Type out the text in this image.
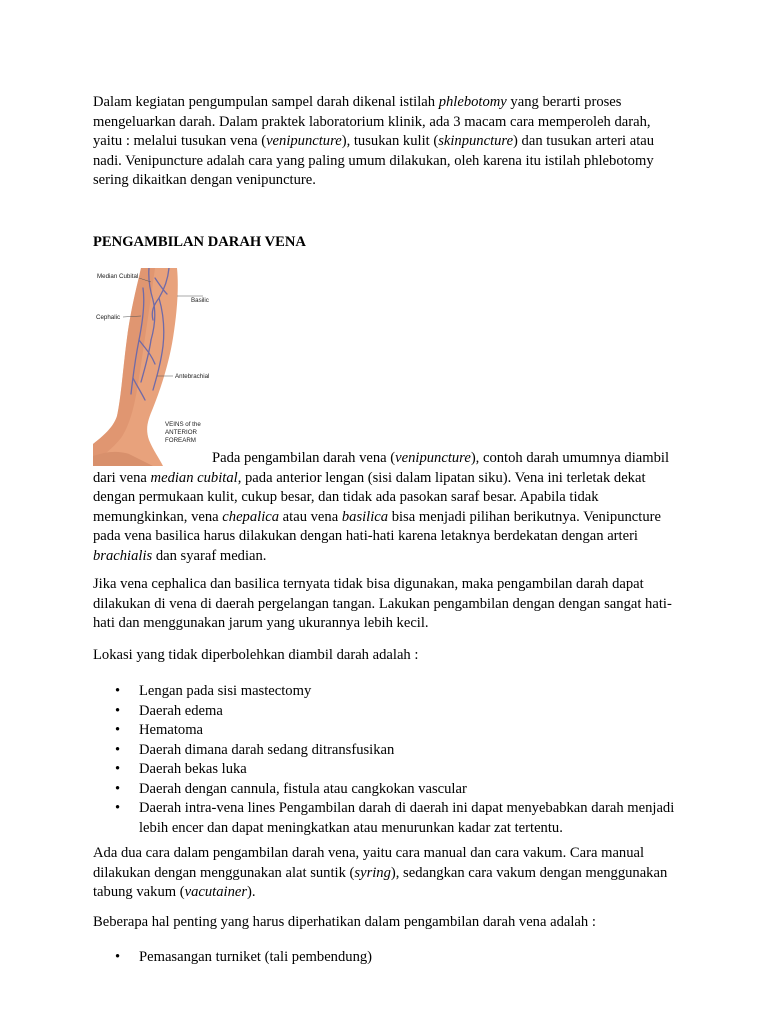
Dalam kegiatan pengumpulan sampel darah dikenal istilah phlebotomy yang berarti proses mengeluarkan darah. Dalam praktek laboratorium klinik, ada 3 macam cara memperoleh darah, yaitu : melalui tusukan vena (venipuncture), tusukan kulit (skinpuncture) dan tusukan arteri atau nadi. Venipuncture adalah cara yang paling umum dilakukan, oleh karena itu istilah phlebotomy sering dikaitkan dengan venipuncture.

PENGAMBILAN DARAH VENA
Median Cubital
Basilic
Cephalic
Antebrachial
VEINS of the
ANTERIOR
FOREARM

Pada pengambilan darah vena (venipuncture), contoh darah umumnya diambil dari vena median cubital, pada anterior lengan (sisi dalam lipatan siku). Vena ini terletak dekat dengan permukaan kulit, cukup besar, dan tidak ada pasokan saraf besar. Apabila tidak memungkinkan, vena chepalica atau vena basilica bisa menjadi pilihan berikutnya. Venipuncture pada vena basilica harus dilakukan dengan hati-hati karena letaknya berdekatan dengan arteri brachialis dan syaraf median.

Jika vena cephalica dan basilica ternyata tidak bisa digunakan, maka pengambilan darah dapat dilakukan di vena di daerah pergelangan tangan. Lakukan pengambilan dengan dengan sangat hati-hati dan menggunakan jarum yang ukurannya lebih kecil.

Lokasi yang tidak diperbolehkan diambil darah adalah :

• Lengan pada sisi mastectomy
• Daerah edema
• Hematoma
• Daerah dimana darah sedang ditransfusikan
• Daerah bekas luka
• Daerah dengan cannula, fistula atau cangkokan vascular
• Daerah intra-vena lines Pengambilan darah di daerah ini dapat menyebabkan darah menjadi lebih encer dan dapat meningkatkan atau menurunkan kadar zat tertentu.

Ada dua cara dalam pengambilan darah vena, yaitu cara manual dan cara vakum. Cara manual dilakukan dengan menggunakan alat suntik (syring), sedangkan cara vakum dengan menggunakan tabung vakum (vacutainer).

Beberapa hal penting yang harus diperhatikan dalam pengambilan darah vena adalah :

• Pemasangan turniket (tali pembendung)
